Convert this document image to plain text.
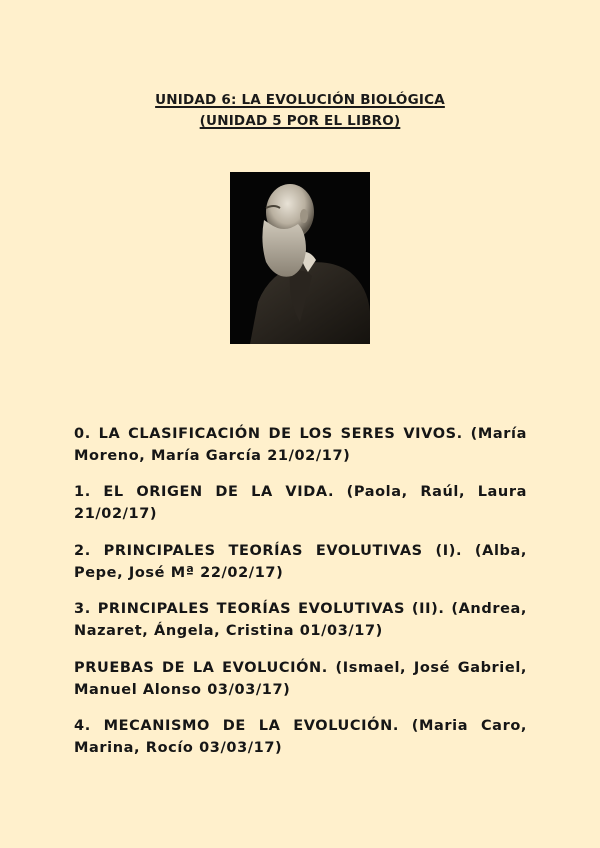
UNIDAD 6: LA EVOLUCIÓN BIOLÓGICA
(UNIDAD 5 POR EL LIBRO)

0. LA CLASIFICACIÓN DE LOS SERES VIVOS. (María Moreno, María García 21/02/17)

1. EL ORIGEN DE LA VIDA. (Paola, Raúl, Laura 21/02/17)

2. PRINCIPALES TEORÍAS EVOLUTIVAS (I). (Alba, Pepe, José Mª 22/02/17)

3. PRINCIPALES TEORÍAS EVOLUTIVAS (II). (Andrea, Nazaret, Ángela, Cristina 01/03/17)

PRUEBAS DE LA EVOLUCIÓN. (Ismael, José Gabriel, Manuel Alonso 03/03/17)

4. MECANISMO DE LA EVOLUCIÓN. (Maria Caro, Marina, Rocío 03/03/17)
